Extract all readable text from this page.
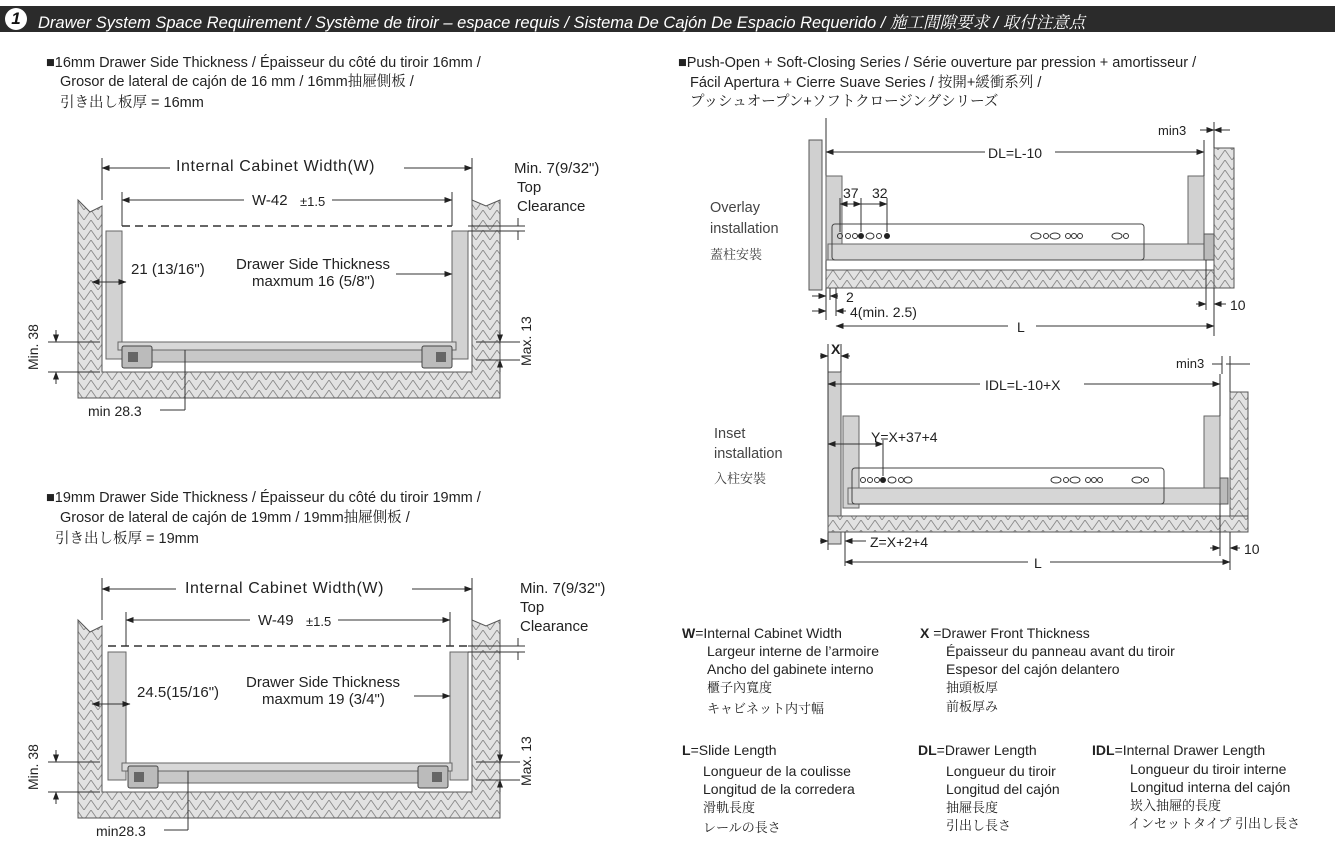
1	Drawer System Space Requirement / Système de tiroir – espace requis / Sistema De Cajón De Espacio Requerido / 施工間隙要求 / 取付注意点
■16mm Drawer Side Thickness / Épaisseur du côté du tiroir 16mm /
Grosor de lateral de cajón de 16 mm / 16mm抽屜側板 /
引き出し板厚 = 16mm
Internal Cabinet Width(W)
W-42 ±1.5
Min. 7(9/32")
Top
Clearance
21 (13/16") Drawer Side Thickness
maxmum 16 (5/8")
Min. 38	Max. 13
min 28.3
■19mm Drawer Side Thickness / Épaisseur du côté du tiroir 19mm /
Grosor de lateral de cajón de 19mm / 19mm抽屜側板 /
引き出し板厚 = 19mm
Internal Cabinet Width(W)
W-49 ±1.5
Min. 7(9/32")
Top
Clearance
24.5(15/16")
Drawer Side Thickness
maxmum 19 (3/4")
Min. 38	Max. 13
min28.3
■Push-Open + Soft-Closing Series / Série ouverture par pression + amortisseur /
Fácil Apertura + Cierre Suave Series / 按開+緩衝系列 /
プッシュオープン+ソフトクロージングシリーズ
Overlay
installation
蓋柱安裝
min3
DL=L-10
37 32
2
4(min. 2.5)	10
L
X
Inset
installation
入柱安裝
min3
IDL=L-10+X
Y=X+37+4
Z=X+2+4	10
L
W=Internal Cabinet Width
Largeur interne de l’armoire
Ancho del gabinete interno
櫃子內寬度
キャビネット内寸幅
X =Drawer Front Thickness
Épaisseur du panneau avant du tiroir
Espesor del cajón delantero
抽頭板厚
前板厚み
L=Slide Length
Longueur de la coulisse
Longitud de la corredera
滑軌長度
レールの長さ
DL=Drawer Length
Longueur du tiroir
Longitud del cajón
抽屜長度
引出し長さ
IDL=Internal Drawer Length
Longueur du tiroir interne
Longitud interna del cajón
崁入抽屜的長度
インセットタイプ 引出し長さ
